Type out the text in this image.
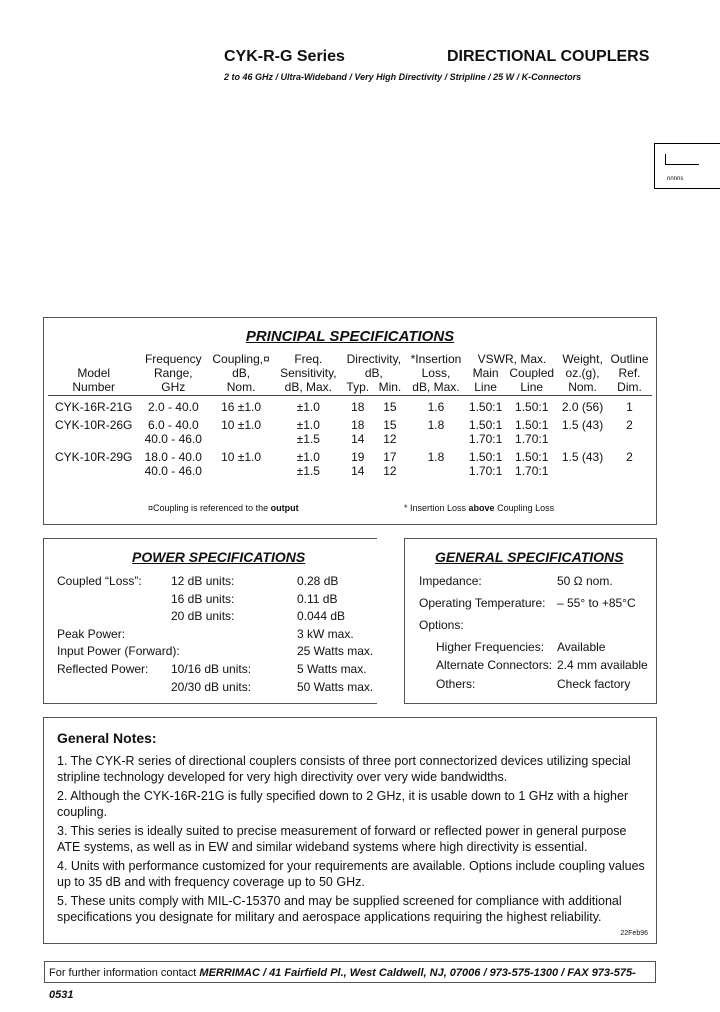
CYK-R-G Series	DIRECTIONAL COUPLERS
2 to 46 GHz / Ultra-Wideband / Very High Directivity / Stripline / 25 W / K-Connectors
nnnns
PRINCIPAL SPECIFICATIONS
	Frequency	Coupling,¤	Freq.	Directivity,		*Insertion	VSWR, Max.		Weight,	Outline
Model	Range,	dB,	Sensitivity,	dB,		Loss,	Main	Coupled	oz.(g),	Ref.
Number	GHz	Nom.	dB, Max.	Typ.	Min.	dB, Max.	Line	Line	Nom.	Dim.

CYK-16R-21G	2.0 - 40.0	16 ±1.0	±1.0	18	15	1.6	1.50:1	1.50:1	2.0 (56)	1

CYK-10R-26G	6.0 - 40.0	10 ±1.0	±1.0	18	15	1.8	1.50:1	1.50:1	1.5 (43)	2
	40.0 - 46.0		±1.5	14	12		1.70:1	1.70:1		

CYK-10R-29G	18.0 - 40.0	10 ±1.0	±1.0	19	17	1.8	1.50:1	1.50:1	1.5 (43)	2
	40.0 - 46.0		±1.5	14	12		1.70:1	1.70:1		
¤Coupling is referenced to the output	* Insertion Loss above Coupling Loss
POWER SPECIFICATIONS
Coupled “Loss”: 12 dB units:	0.28 dB
16 dB units:	0.11 dB
20 dB units:	0.044 dB
Peak Power:	3 kW max.
Input Power (Forward):	25 Watts max.
Reflected Power: 10/16 dB units:	5 Watts max.
20/30 dB units:	50 Watts max.
GENERAL SPECIFICATIONS
Impedance:	50 Ω nom.
Operating Temperature: – 55° to +85°C
Options:
Higher Frequencies: Available
Alternate Connectors: 2.4 mm available
Others:	Check factory
General Notes:

1. The CYK-R series of directional couplers consists of three port connectorized devices utilizing special stripline technology developed for very high directivity over very wide bandwidths.

2. Although the CYK-16R-21G is fully specified down to 2 GHz, it is usable down to 1 GHz with a higher coupling.

3. This series is ideally suited to precise measurement of forward or reflected power in general purpose ATE systems, as well as in EW and similar wideband systems where high directivity is essential.

4. Units with performance customized for your requirements are available. Options include coupling values up to 35 dB and with frequency coverage up to 50 GHz.

5. These units comply with MIL-C-15370 and may be supplied screened for compliance with additional specifications you designate for military and aerospace applications requiring the highest reliability.

22Feb96
For further information contact MERRIMAC / 41 Fairfield Pl., West Caldwell, NJ, 07006 / 973-575-1300 / FAX 973-575-0531
